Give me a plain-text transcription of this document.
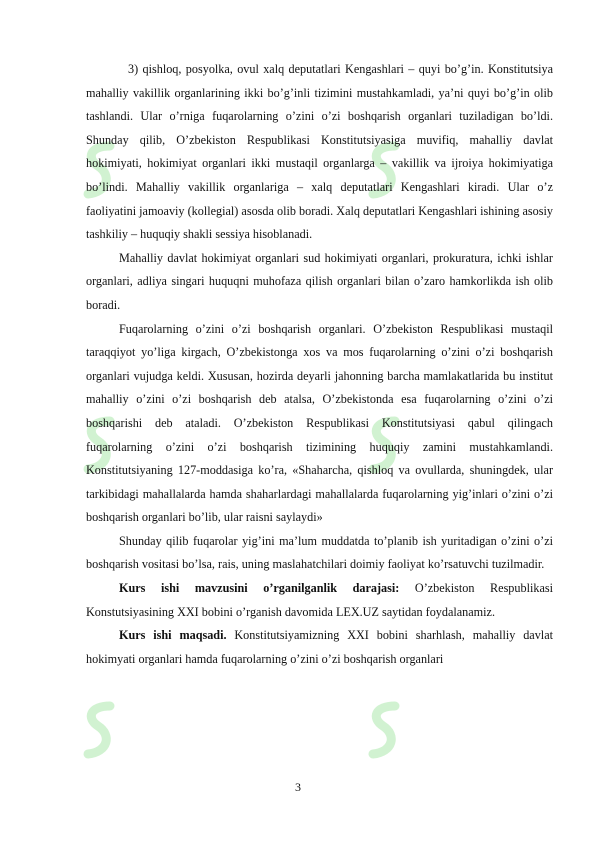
3) qishloq, posyolka, ovul xalq deputatlari Kengashlari – quyi bo’g’in. Konstitutsiya mahalliy vakillik organlarining ikki bo’g’inli tizimini mustahkamladi, ya’ni quyi bo’g’in olib tashlandi. Ular o’rniga fuqarolarning o’zini o’zi boshqarish organlari tuziladigan bo’ldi. Shunday qilib, O’zbekiston Respublikasi Konstitutsiyasiga muvifiq, mahalliy davlat hokimiyati, hokimiyat organlari ikki mustaqil organlarga – vakillik va ijroiya hokimiyatiga bo’lindi. Mahalliy vakillik organlariga – xalq deputatlari Kengashlari kiradi. Ular o’z faoliyatini jamoaviy (kollegial) asosda olib boradi. Xalq deputatlari Kengashlari ishining asosiy tashkiliy – huquqiy shakli sessiya hisoblanadi.

Mahalliy davlat hokimiyat organlari sud hokimiyati organlari, prokuratura, ichki ishlar organlari, adliya singari huquqni muhofaza qilish organlari bilan o’zaro hamkorlikda ish olib boradi.

Fuqarolarning o’zini o’zi boshqarish organlari. O’zbekiston Respublikasi mustaqil taraqqiyot yo’liga kirgach, O’zbekistonga xos va mos fuqarolarning o’zini o’zi boshqarish organlari vujudga keldi. Xususan, hozirda deyarli jahonning barcha mamlakatlarida bu institut mahalliy o’zini o’zi boshqarish deb atalsa, O’zbekistonda esa fuqarolarning o’zini o’zi boshqarishi deb ataladi. O’zbekiston Respublikasi Konstitutsiyasi qabul qilingach fuqarolarning o’zini o’zi boshqarish tizimining huquqiy zamini mustahkamlandi. Konstitutsiyaning 127-moddasiga ko’ra, «Shaharcha, qishloq va ovullarda, shuningdek, ular tarkibidagi mahallalarda hamda shaharlardagi mahallalarda fuqarolarning yig’inlari o’zini o’zi boshqarish organlari bo’lib, ular raisni saylaydi»

Shunday qilib fuqarolar yig’ini ma’lum muddatda to’planib ish yuritadigan o’zini o’zi boshqarish vositasi bo’lsa, rais, uning maslahatchilari doimiy faoliyat ko’rsatuvchi tuzilmadir.

Kurs ishi mavzusini o’rganilganlik darajasi: O’zbekiston Respublikasi Konstutsiyasining XXI bobini o’rganish davomida LEX.UZ saytidan foydalanamiz.

Kurs ishi maqsadi. Konstitutsiyamizning XXI bobini sharhlash, mahalliy davlat hokimyati organlari hamda fuqarolarning o’zini o’zi boshqarish organlari

3
